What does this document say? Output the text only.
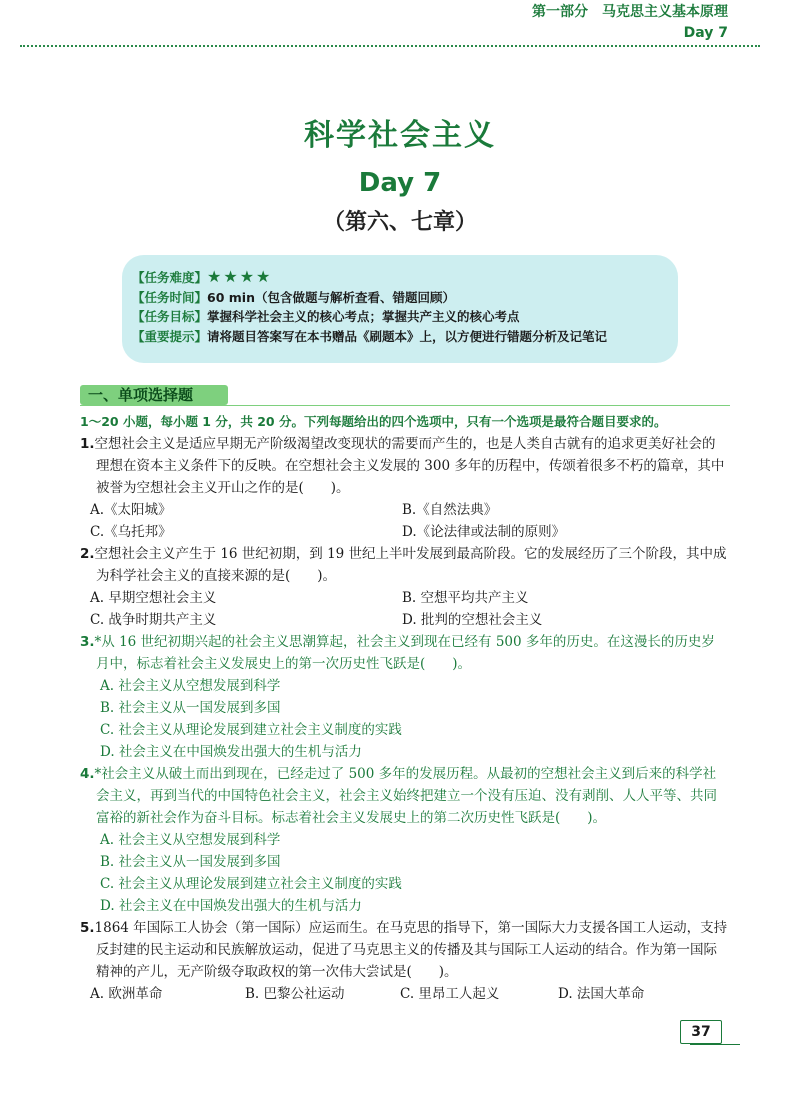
第一部分　马克思主义基本原理
Day 7
科学社会主义
Day 7
（第六、七章）
【任务难度】★★★★
【任务时间】60 min（包含做题与解析查看、错题回顾）
【任务目标】掌握科学社会主义的核心考点；掌握共产主义的核心考点
【重要提示】请将题目答案写在本书赠品《刷题本》上，以方便进行错题分析及记笔记
一、单项选择题
1～20 小题，每小题 1 分，共 20 分。下列每题给出的四个选项中，只有一个选项是最符合题目要求的。
1.空想社会主义是适应早期无产阶级渴望改变现状的需要而产生的，也是人类自古就有的追求更美好社会的理想在资本主义条件下的反映。在空想社会主义发展的 300 多年的历程中，传颂着很多不朽的篇章，其中被誉为空想社会主义开山之作的是(　　)。
A.《太阳城》	B.《自然法典》
C.《乌托邦》	D.《论法律或法制的原则》
2.空想社会主义产生于 16 世纪初期，到 19 世纪上半叶发展到最高阶段。它的发展经历了三个阶段，其中成为科学社会主义的直接来源的是(　　)。
A. 早期空想社会主义	B. 空想平均共产主义
C. 战争时期共产主义	D. 批判的空想社会主义
3.*从 16 世纪初期兴起的社会主义思潮算起，社会主义到现在已经有 500 多年的历史。在这漫长的历史岁月中，标志着社会主义发展史上的第一次历史性飞跃是(　　)。
A. 社会主义从空想发展到科学
B. 社会主义从一国发展到多国
C. 社会主义从理论发展到建立社会主义制度的实践
D. 社会主义在中国焕发出强大的生机与活力
4.*社会主义从破土而出到现在，已经走过了 500 多年的发展历程。从最初的空想社会主义到后来的科学社会主义，再到当代的中国特色社会主义，社会主义始终把建立一个没有压迫、没有剥削、人人平等、共同富裕的新社会作为奋斗目标。标志着社会主义发展史上的第二次历史性飞跃是(　　)。
A. 社会主义从空想发展到科学
B. 社会主义从一国发展到多国
C. 社会主义从理论发展到建立社会主义制度的实践
D. 社会主义在中国焕发出强大的生机与活力
5.1864 年国际工人协会（第一国际）应运而生。在马克思的指导下，第一国际大力支援各国工人运动，支持反封建的民主运动和民族解放运动，促进了马克思主义的传播及其与国际工人运动的结合。作为第一国际精神的产儿，无产阶级夺取政权的第一次伟大尝试是(　　)。
A. 欧洲革命	B. 巴黎公社运动	C. 里昂工人起义	D. 法国大革命
37
